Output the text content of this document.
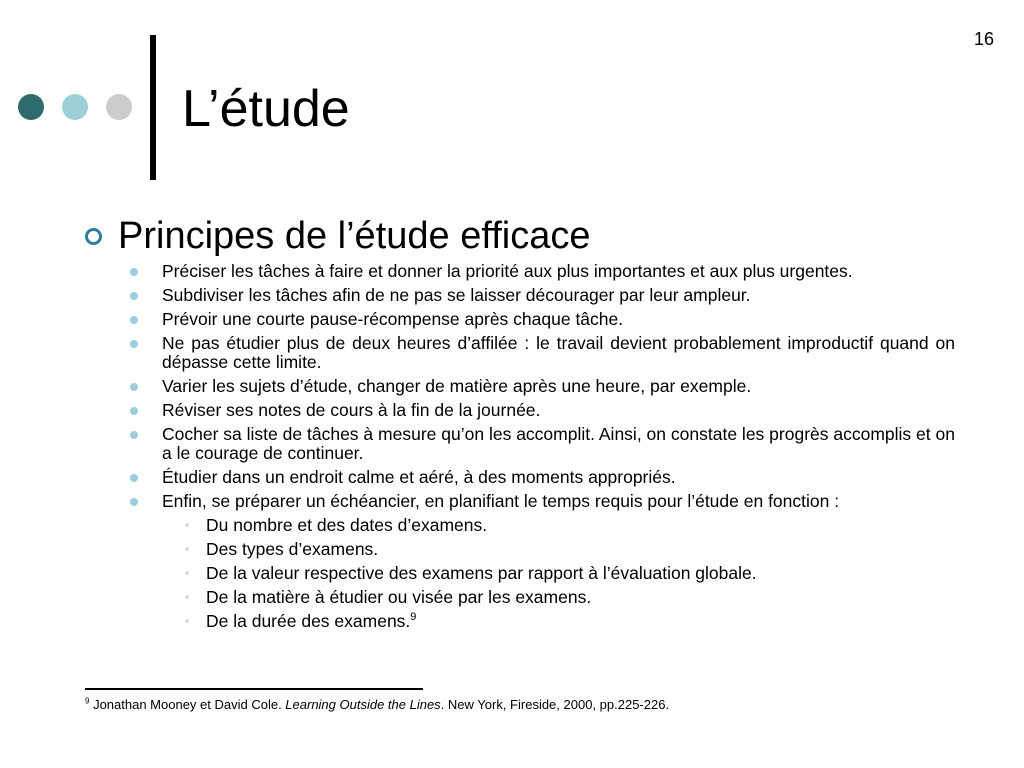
16
L’étude
Principes de l’étude efficace
Préciser les tâches à faire et donner la priorité aux plus importantes et aux plus urgentes.
Subdiviser les tâches afin de ne pas se laisser décourager par leur ampleur.
Prévoir une courte pause-récompense après chaque tâche.
Ne pas étudier plus de deux heures d’affilée : le travail devient probablement improductif quand on dépasse cette limite.
Varier les sujets d’étude, changer de matière après une heure, par exemple.
Réviser ses notes de cours à la fin de la journée.
Cocher sa liste de tâches à mesure qu’on les accomplit. Ainsi, on constate les progrès accomplis et on a le courage de continuer.
Étudier dans un endroit calme et aéré, à des moments appropriés.
Enfin, se préparer un échéancier, en planifiant le temps requis pour l’étude en fonction :
• Du nombre et des dates d’examens.
• Des types d’examens.
• De la valeur respective des examens par rapport à l’évaluation globale.
• De la matière à étudier ou visée par les examens.
• De la durée des examens.$^9$
$^9$ Jonathan Mooney et David Cole. Learning Outside the Lines. New York, Fireside, 2000, pp.225-226.
